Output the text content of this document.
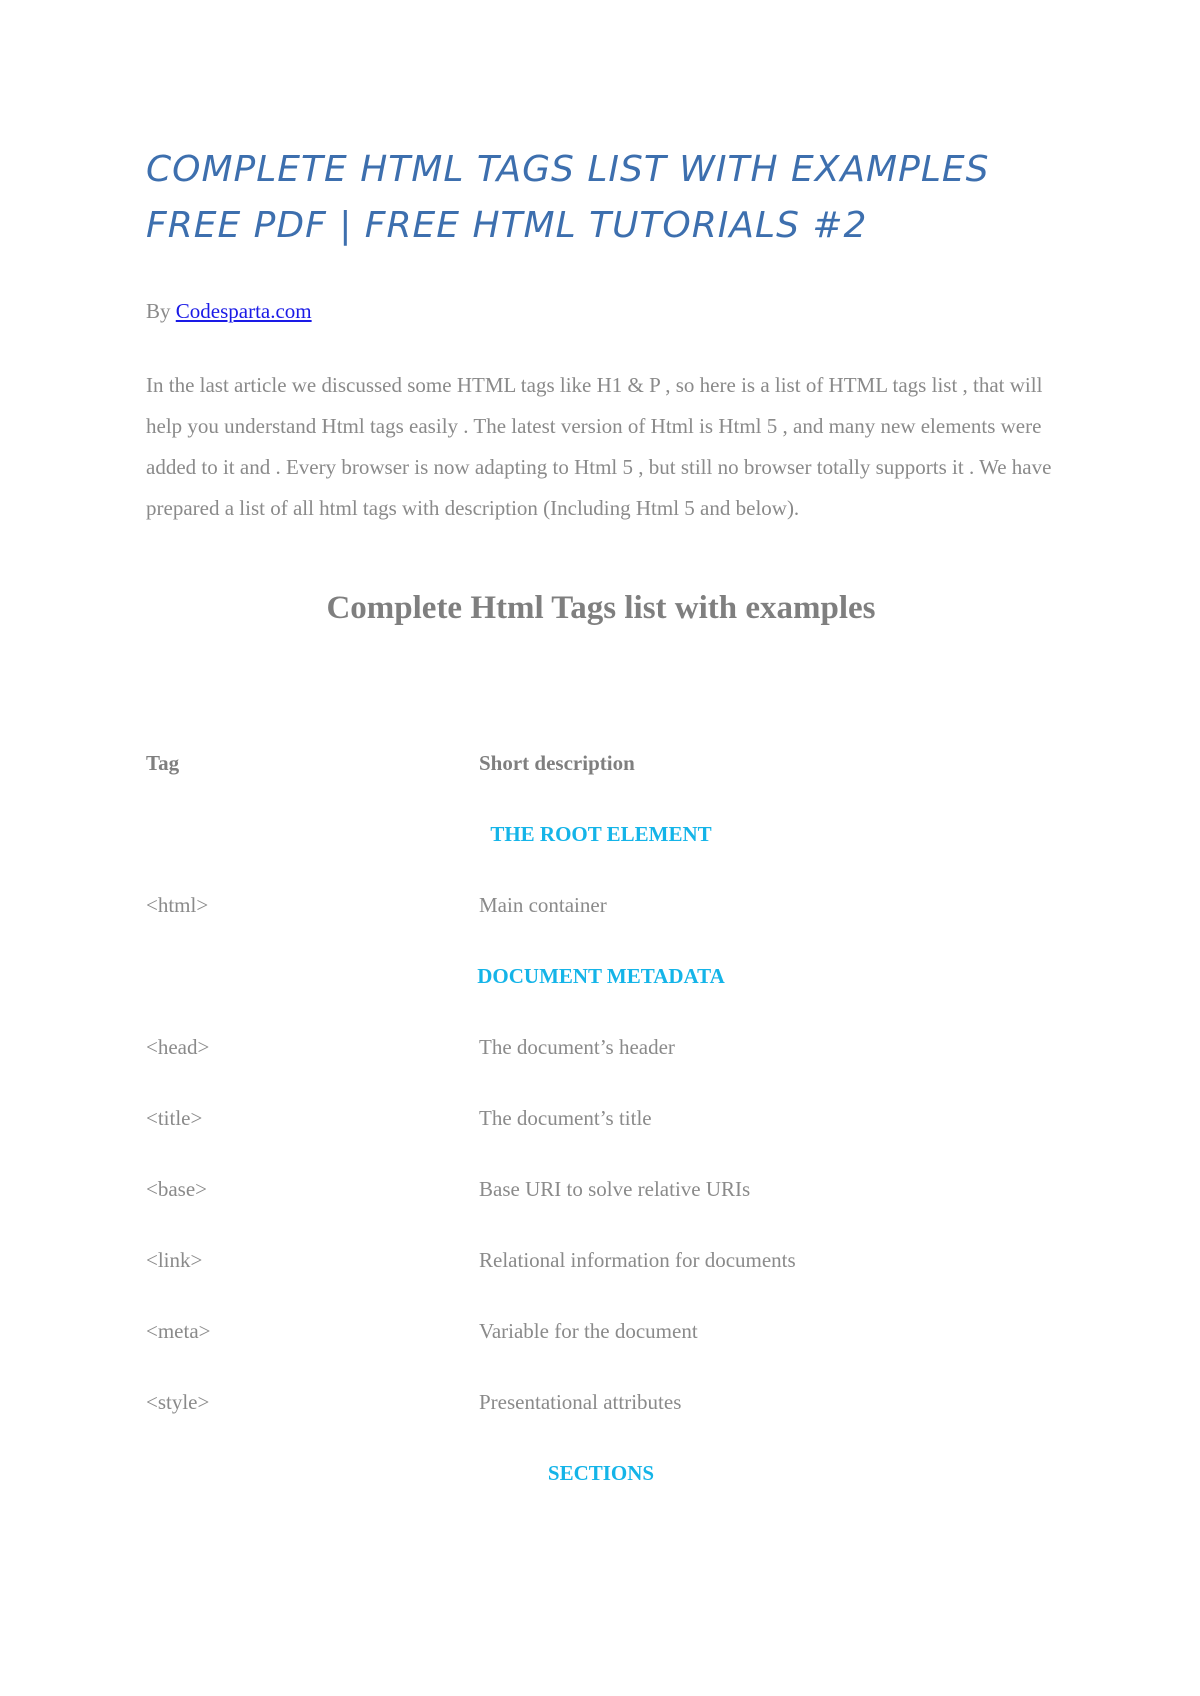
COMPLETE HTML TAGS LIST WITH EXAMPLES
FREE PDF | FREE HTML TUTORIALS #2
By Codesparta.com

In the last article we discussed some HTML tags like H1 & P , so here is a list of HTML tags list , that will help you understand Html tags easily . The latest version of Html is Html 5 , and many new elements were added to it and . Every browser is now adapting to Html 5 , but still no browser totally supports it . We have prepared a list of all html tags with description (Including Html 5 and below).

Complete Html Tags list with examples
Tag	Short description
THE ROOT ELEMENT
<html>	Main container
DOCUMENT METADATA
<head>	The document’s header
<title>	The document’s title
<base>	Base URI to solve relative URIs
<link>	Relational information for documents
<meta>	Variable for the document
<style>	Presentational attributes
SECTIONS
